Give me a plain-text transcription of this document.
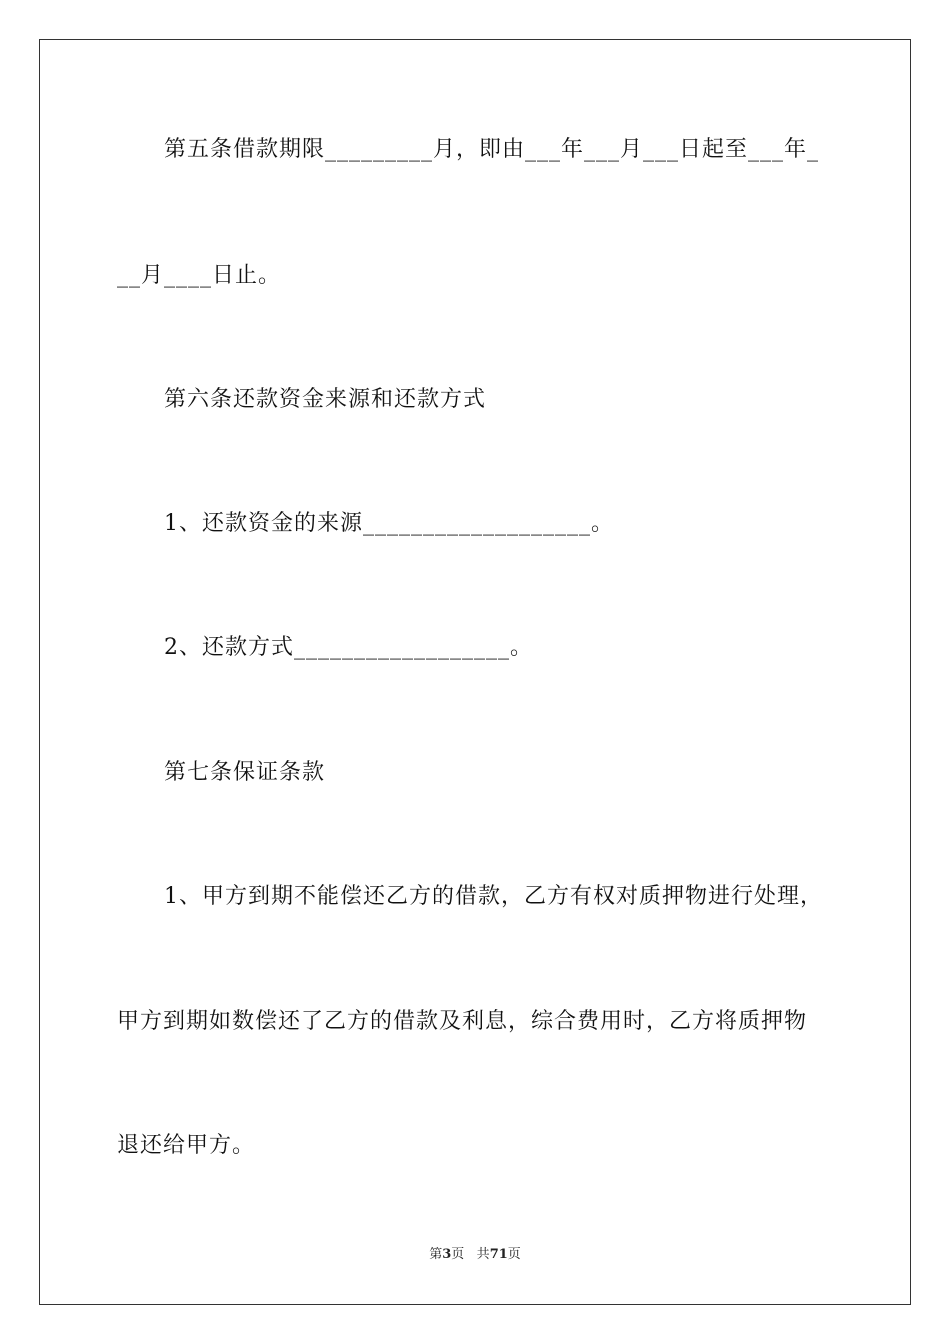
第五条借款期限_________月，即由___年___月___日起至___年_
__月____日止。
第六条还款资金来源和还款方式
1、还款资金的来源___________________。
2、还款方式__________________。
第七条保证条款
1、甲方到期不能偿还乙方的借款，乙方有权对质押物进行处理，
甲方到期如数偿还了乙方的借款及利息，综合费用时，乙方将质押物
退还给甲方。
第3页 共71页
